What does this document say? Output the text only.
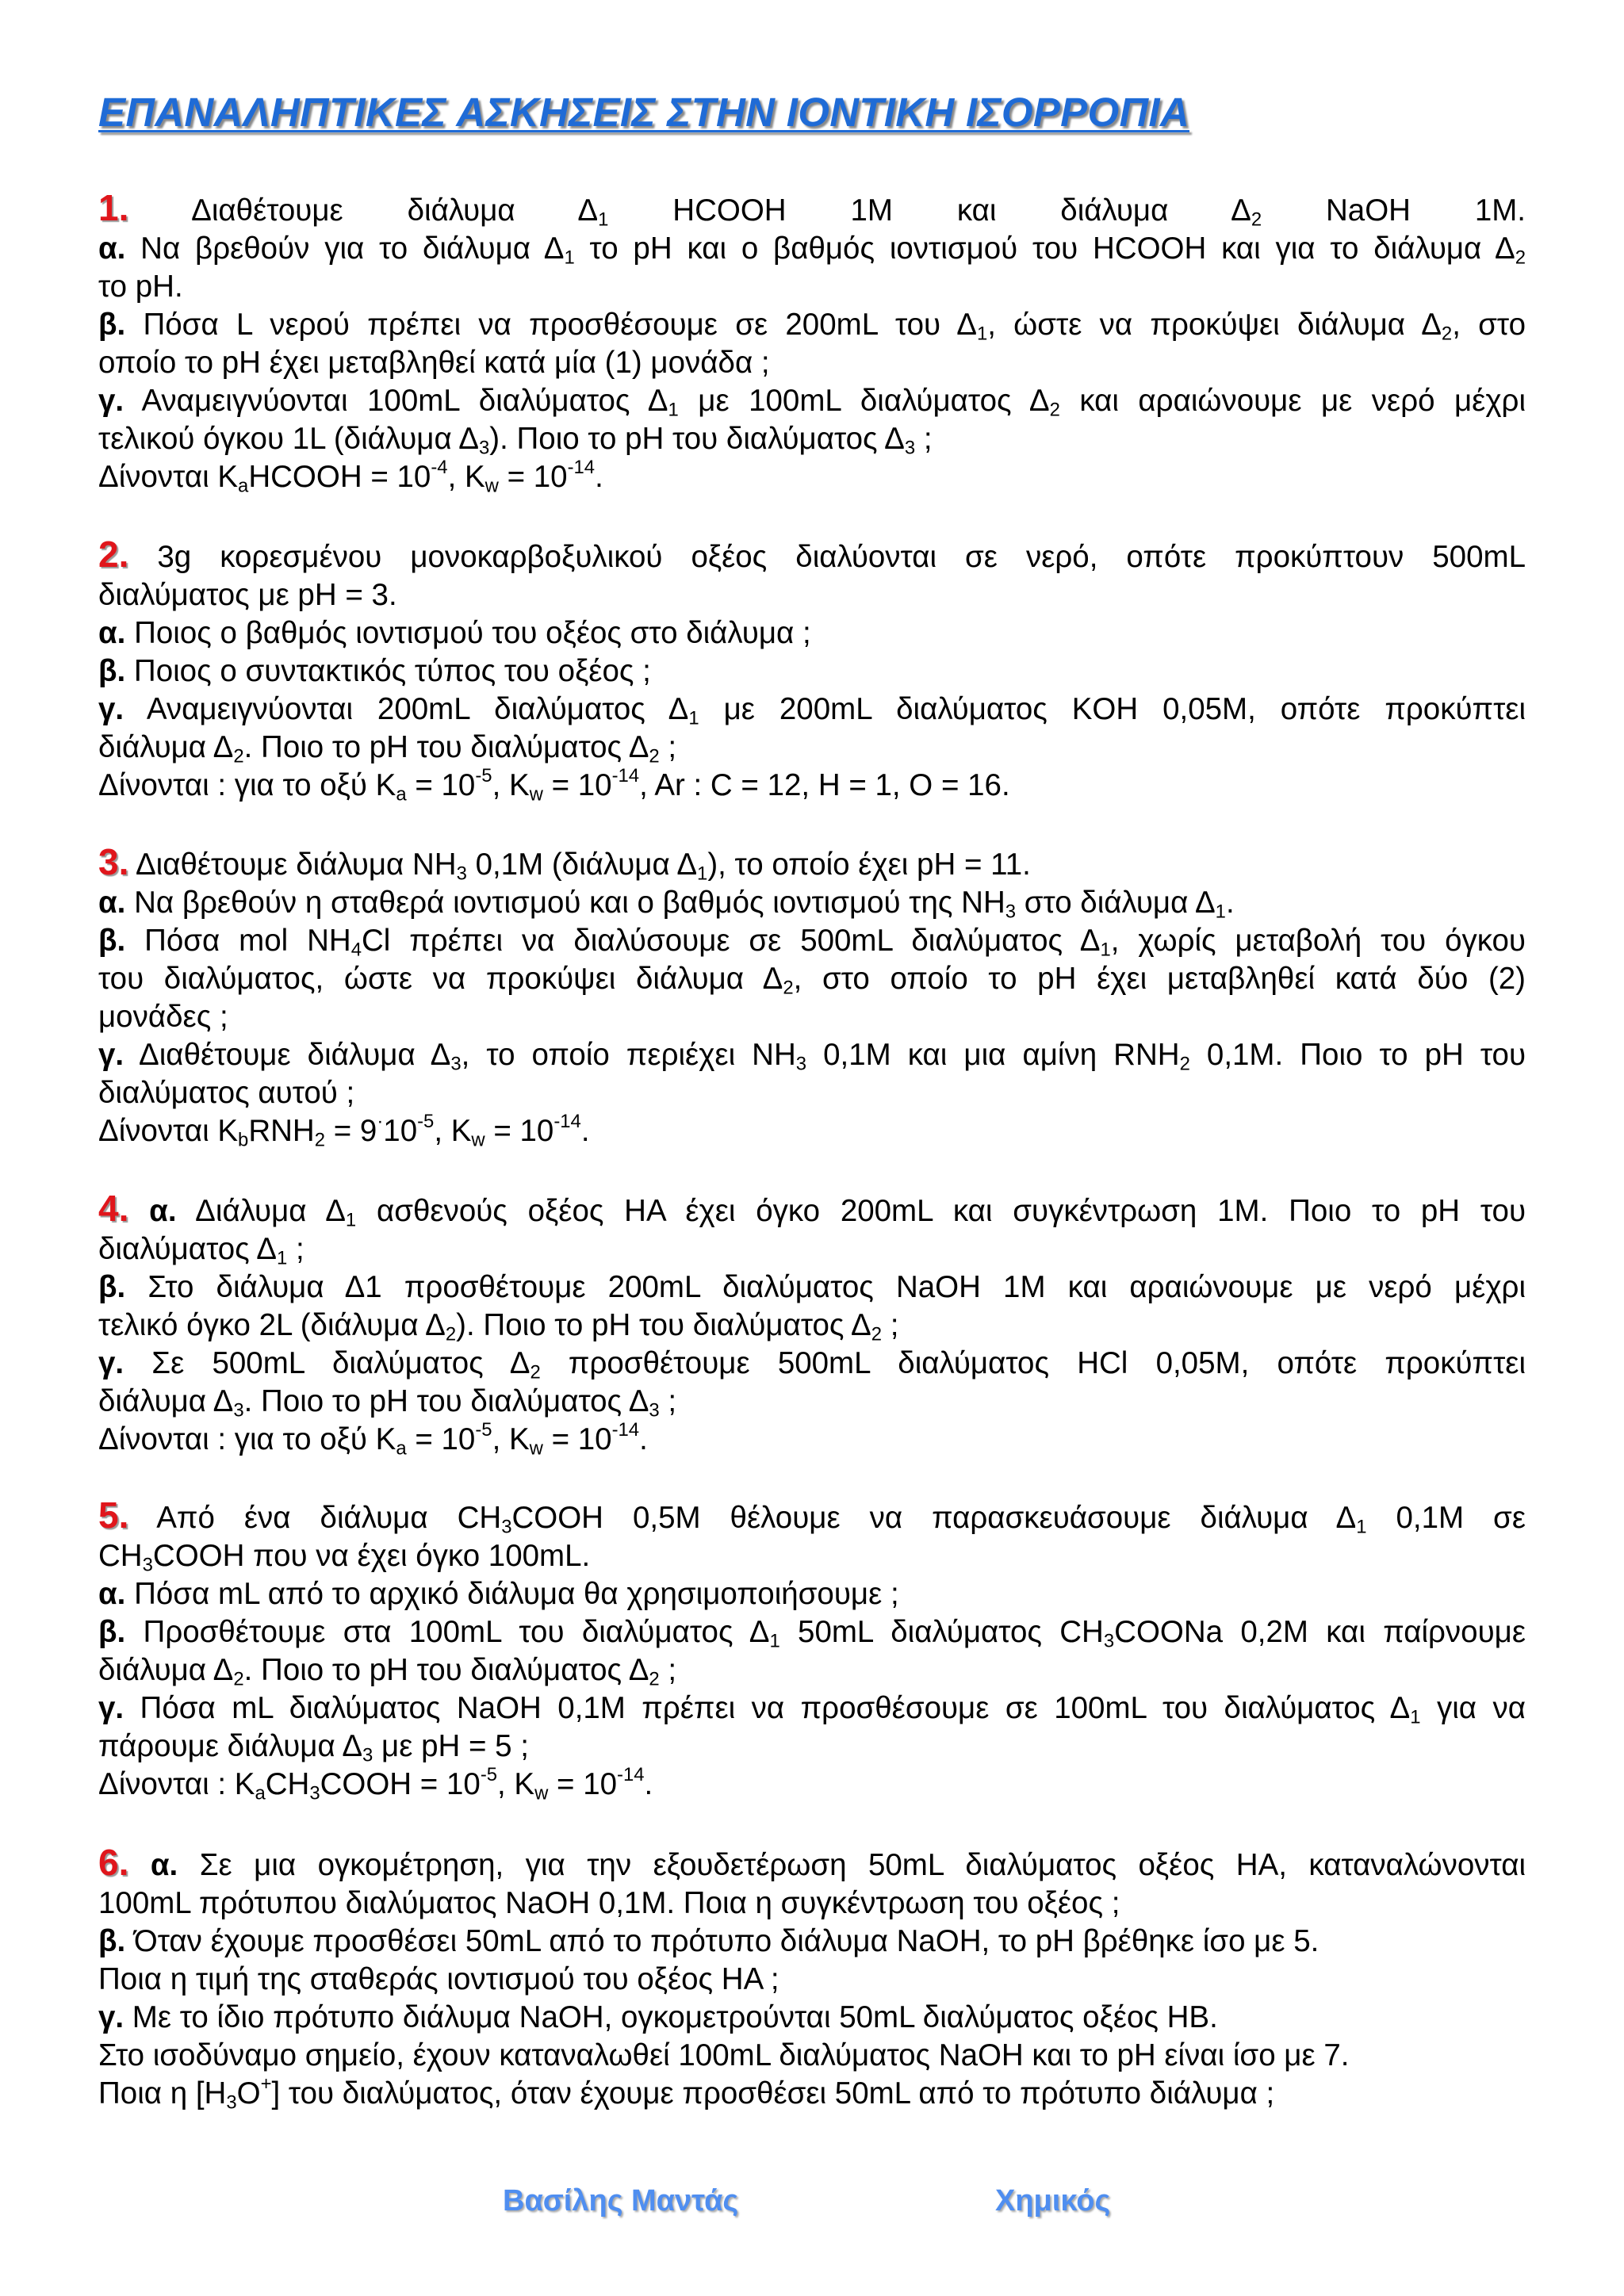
ΕΠΑΝΑΛΗΠΤΙΚΕΣ ΑΣΚΗΣΕΙΣ ΣΤΗΝ ΙΟΝΤΙΚΗ ΙΣΟΡΡΟΠΙΑ
1. Διαθέτουμε διάλυμα $\Delta_1$ HCOOH 1M και διάλυμα $\Delta_2$ NaOH 1M.
α. Να βρεθούν για το διάλυμα $\Delta_1$ το pH και ο βαθμός ιοντισμού του HCOOH και για το διάλυμα $\Delta_2$
το pH.
β. Πόσα L νερού πρέπει να προσθέσουμε σε 200mL του $\Delta_1$, ώστε να προκύψει διάλυμα $\Delta_2$, στο
οποίο το pH έχει μεταβληθεί κατά μία (1) μονάδα ;
γ. Αναμειγνύονται 100mL διαλύματος $\Delta_1$ με 100mL διαλύματος $\Delta_2$ και αραιώνουμε με νερό μέχρι
τελικού όγκου 1L (διάλυμα $\Delta_3$). Ποιο το pH του διαλύματος $\Delta_3$ ;
Δίνονται $K_aHCOOH = 10^{-4}$, $K_w = 10^{-14}$.
2. 3g κορεσμένου μονοκαρβοξυλικού οξέος διαλύονται σε νερό, οπότε προκύπτουν 500mL
διαλύματος με pH = 3.
α. Ποιος ο βαθμός ιοντισμού του οξέος στο διάλυμα ;
β. Ποιος ο συντακτικός τύπος του οξέος ;
γ. Αναμειγνύονται 200mL διαλύματος $\Delta_1$ με 200mL διαλύματος KOH 0,05M, οπότε προκύπτει
διάλυμα $\Delta_2$. Ποιο το pH του διαλύματος $\Delta_2$ ;
Δίνονται : για το οξύ $K_a = 10^{-5}$, $K_w = 10^{-14}$, Ar : C = 12, H = 1, O = 16.
3. Διαθέτουμε διάλυμα $NH_3$ 0,1M (διάλυμα $\Delta_1$), το οποίο έχει pH = 11.
α. Να βρεθούν η σταθερά ιοντισμού και ο βαθμός ιοντισμού της $NH_3$ στο διάλυμα $\Delta_1$.
β. Πόσα mol $NH_4Cl$ πρέπει να διαλύσουμε σε 500mL διαλύματος $\Delta_1$, χωρίς μεταβολή του όγκου
του διαλύματος, ώστε να προκύψει διάλυμα $\Delta_2$, στο οποίο το pH έχει μεταβληθεί κατά δύο (2)
μονάδες ;
γ. Διαθέτουμε διάλυμα $\Delta_3$, το οποίο περιέχει $NH_3$ 0,1M και μια αμίνη $RNH_2$ 0,1M. Ποιο το pH του
διαλύματος αυτού ;
Δίνονται $K_bRNH_2 = 9^\cdot 10^{-5}$, $K_w = 10^{-14}$.
4. α. Διάλυμα $\Delta_1$ ασθενούς οξέος ΗΑ έχει όγκο 200mL και συγκέντρωση 1M. Ποιο το pH του
διαλύματος $\Delta_1$ ;
β. Στο διάλυμα Δ1 προσθέτουμε 200mL διαλύματος NaOH 1M και αραιώνουμε με νερό μέχρι
τελικό όγκο 2L (διάλυμα $\Delta_2$). Ποιο το pH του διαλύματος $\Delta_2$ ;
γ. Σε 500mL διαλύματος $\Delta_2$ προσθέτουμε 500mL διαλύματος HCl 0,05M, οπότε προκύπτει
διάλυμα $\Delta_3$. Ποιο το pH του διαλύματος $\Delta_3$ ;
Δίνονται : για το οξύ $K_a = 10^{-5}$, $K_w = 10^{-14}$.
5. Από ένα διάλυμα $CH_3COOH$ 0,5M θέλουμε να παρασκευάσουμε διάλυμα $\Delta_1$ 0,1M σε
$CH_3COOH$ που να έχει όγκο 100mL.
α. Πόσα mL από το αρχικό διάλυμα θα χρησιμοποιήσουμε ;
β. Προσθέτουμε στα 100mL του διαλύματος $\Delta_1$ 50mL διαλύματος $CH_3COONa$ 0,2M και παίρνουμε
διάλυμα $\Delta_2$. Ποιο το pH του διαλύματος $\Delta_2$ ;
γ. Πόσα mL διαλύματος NaOH 0,1M πρέπει να προσθέσουμε σε 100mL του διαλύματος $\Delta_1$ για να
πάρουμε διάλυμα $\Delta_3$ με pH = 5 ;
Δίνονται : $K_aCH_3COOH = 10^{-5}$, $K_w = 10^{-14}$.
6. α. Σε μια ογκομέτρηση, για την εξουδετέρωση 50mL διαλύματος οξέος ΗΑ, καταναλώνονται
100mL πρότυπου διαλύματος NaOH 0,1M. Ποια η συγκέντρωση του οξέος ;
β. Όταν έχουμε προσθέσει 50mL από το πρότυπο διάλυμα NaOH, το pH βρέθηκε ίσο με 5.
Ποια η τιμή της σταθεράς ιοντισμού του οξέος ΗΑ ;
γ. Με το ίδιο πρότυπο διάλυμα NaOH, ογκομετρούνται 50mL διαλύματος οξέος ΗΒ.
Στο ισοδύναμο σημείο, έχουν καταναλωθεί 100mL διαλύματος NaOH και το pH είναι ίσο με 7.
Ποια η $[H_3O^+]$ του διαλύματος, όταν έχουμε προσθέσει 50mL από το πρότυπο διάλυμα ;
Βασίλης Μαντάς	Χημικός
